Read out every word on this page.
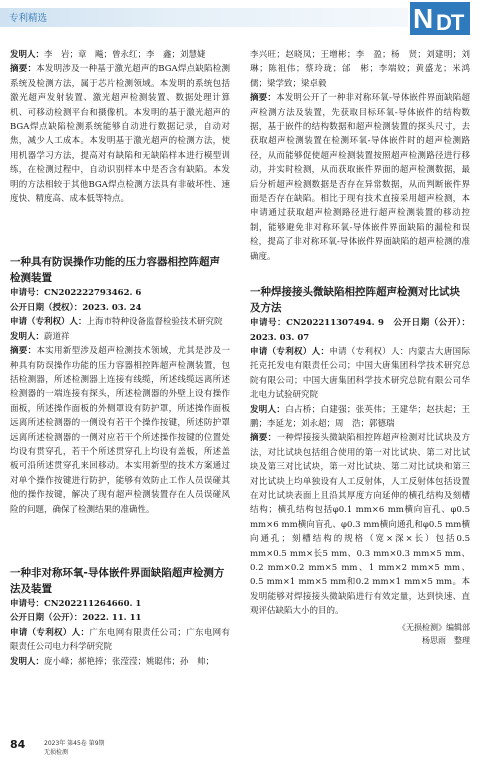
专利精选	N DT

发明人：李　岩；章　飚；曾永红；李　鑫；刘慧婕

摘要：本发明涉及一种基于激光超声的BGA焊点缺陷检测系统及检测方法，属于芯片检测领域。本发明的系统包括激光超声发射装置、激光超声检测装置、数据处理计算机、可移动检测平台和摄像机。本发明的基于激光超声的BGA焊点缺陷检测系统能够自动进行数据记录，自动对焦，减少人工成本。本发明基于激光超声的检测方法，使用机器学习方法，提高对有缺陷和无缺陷样本进行模型训练，在检测过程中，自动识别样本中是否含有缺陷。本发明的方法相较于其他BGA焊点检测方法具有非破坏性、速度快、精度高、成本低等特点。

一种具有防误操作功能的压力容器相控阵超声检测装置

申请号：CN202222793462. 6

公开日期（授权）：2023. 03. 24

申请（专利权）人：上海市特种设备监督检验技术研究院

发明人：蔚道祥

摘要：本实用新型涉及超声检测技术领域，尤其是涉及一种具有防误操作功能的压力容器相控阵超声检测装置，包括检测器，所述检测器上连接有线缆，所述线缆远离所述检测器的一端连接有探头，所述检测器的外壁上设有操作面板，所述操作面板的外侧罩设有防护罩，所述操作面板远离所述检测器的一侧设有若干个操作按键，所述防护罩远离所述检测器的一侧对应若干个所述操作按键的位置处均设有贯穿孔，若干个所述贯穿孔上均设有盖板，所述盖板可沿所述贯穿孔来回移动。本实用新型的技术方案通过对单个操作按键进行防护，能够有效防止工作人员误碰其他的操作按键，解决了现有超声检测装置存在人员误碰风险的问题，确保了检测结果的准确性。

一种非对称环氧-导体嵌件界面缺陷超声检测方法及装置

申请号：CN202211264660. 1

公开日期（公开）：2022. 11. 11

申请（专利权）人：广东电网有限责任公司；广东电网有限责任公司电力科学研究院

发明人：庞小峰；郝艳捧；张滢滢；姚聪伟；孙　帅；

李兴旺；赵晓凤；王增彬；李　盈；杨　贤；刘建明；刘　琳；陈祖伟；蔡玲珑；邰　彬；李端姣；黄盛龙；米鸿儒；梁学致；梁卓毅

摘要：本发明公开了一种非对称环氧-导体嵌件界面缺陷超声检测方法及装置，先获取目标环氧-导体嵌件的结构数据，基于嵌件的结构数据和超声检测装置的探头尺寸，去获取超声检测装置在检测环氧-导体嵌件时的超声检测路径，从而能够促使超声检测装置按照超声检测路径进行移动，并实时检测，从而获取嵌件界面的超声检测数据，最后分析超声检测数据是否存在异常数据，从而判断嵌件界面是否存在缺陷。相比于现有技术直接采用超声检测，本申请通过获取超声检测路径进行超声检测装置的移动控制，能够避免非对称环氧-导体嵌件界面缺陷的漏检和误检，提高了非对称环氧-导体嵌件界面缺陷的超声检测的准确度。

一种焊接接头微缺陷相控阵超声检测对比试块及方法

申请号：CN202211307494. 9　公开日期（公开）：2023. 03. 07

申请（专利权）人：申请（专利权）人：内蒙古大唐国际托克托发电有限责任公司；中国大唐集团科学技术研究总院有限公司；中国大唐集团科学技术研究总院有限公司华北电力试验研究院

发明人：白占桥；白建强；张英伟；王建华；赵扶起；王　鹏；李延龙；刘永超；周　浩；郭德瑞

摘要：一种焊接接头微缺陷相控阵超声检测对比试块及方法，对比试块包括组合使用的第一对比试块、第二对比试块及第三对比试块，第一对比试块、第二对比试块和第三对比试块上均单独设有人工反射体，人工反射体包括设置在对比试块表面上且沿其厚度方向延伸的横孔结构及刻槽结构；横孔结构包括φ0.1 mm×6 mm横向盲孔、φ0.5 mm×6 mm横向盲孔、φ0.3 mm横向通孔和φ0.5 mm横向通孔；刻槽结构的规格（宽×深×长）包括0.5 mm×0.5 mm×长5 mm、0.3 mm×0.3 mm×5 mm、0.2 mm×0.2 mm×5 mm、1 mm×2 mm×5 mm、0.5 mm×1 mm×5 mm和0.2 mm×1 mm×5 mm。本发明能够对焊接接头微缺陷进行有效定量，达到快速、直观评估缺陷大小的目的。

《无损检测》编辑部
杨思雨　整理
84	2023年 第45卷 第9期
无损检测
